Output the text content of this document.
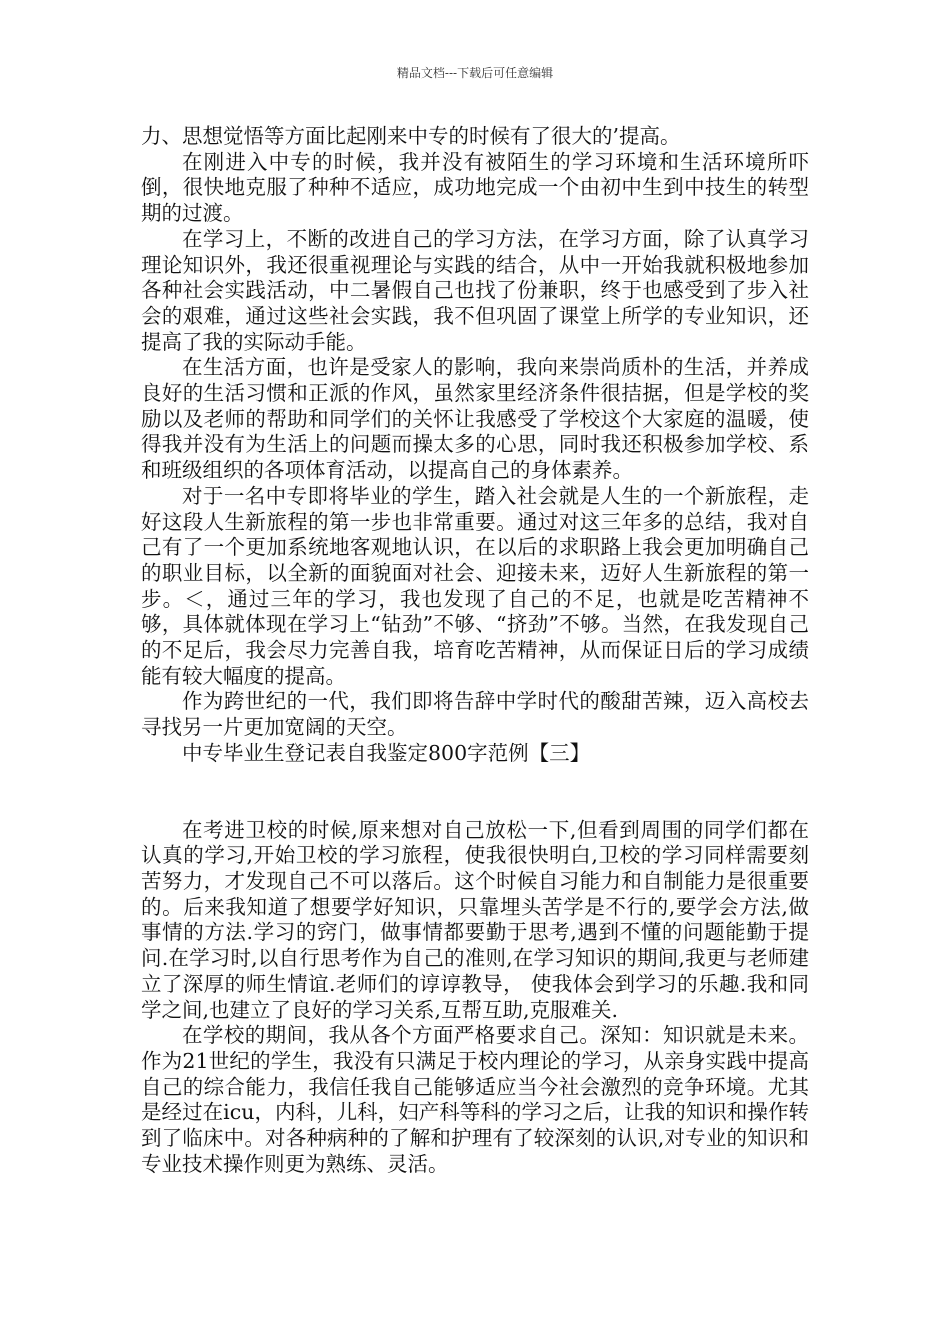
精品文档---下载后可任意编辑

力、思想觉悟等方面比起刚来中专的时候有了很大的’提高。

在刚进入中专的时候，我并没有被陌生的学习环境和生活环境所吓倒，很快地克服了种种不适应，成功地完成一个由初中生到中技生的转型期的过渡。

在学习上，不断的改进自己的学习方法，在学习方面，除了认真学习理论知识外，我还很重视理论与实践的结合，从中一开始我就积极地参加各种社会实践活动，中二暑假自己也找了份兼职，终于也感受到了步入社会的艰难，通过这些社会实践，我不但巩固了课堂上所学的专业知识，还提高了我的实际动手能。

在生活方面，也许是受家人的影响，我向来崇尚质朴的生活，并养成良好的生活习惯和正派的作风，虽然家里经济条件很拮据，但是学校的奖励以及老师的帮助和同学们的关怀让我感受了学校这个大家庭的温暖，使得我并没有为生活上的问题而操太多的心思，同时我还积极参加学校、系和班级组织的各项体育活动，以提高自己的身体素养。

对于一名中专即将毕业的学生，踏入社会就是人生的一个新旅程，走好这段人生新旅程的第一步也非常重要。通过对这三年多的总结，我对自己有了一个更加系统地客观地认识，在以后的求职路上我会更加明确自己的职业目标，以全新的面貌面对社会、迎接未来，迈好人生新旅程的第一步。＜，通过三年的学习，我也发现了自己的不足，也就是吃苦精神不够，具体就体现在学习上“钻劲”不够、“挤劲”不够。当然，在我发现自己的不足后，我会尽力完善自我，培育吃苦精神，从而保证日后的学习成绩能有较大幅度的提高。

作为跨世纪的一代，我们即将告辞中学时代的酸甜苦辣，迈入高校去寻找另一片更加宽阔的天空。

中专毕业生登记表自我鉴定800字范例【三】

在考进卫校的时候,原来想对自己放松一下,但看到周围的同学们都在认真的学习,开始卫校的学习旅程，使我很快明白,卫校的学习同样需要刻苦努力，才发现自己不可以落后。这个时候自习能力和自制能力是很重要的。后来我知道了想要学好知识，只靠埋头苦学是不行的,要学会方法,做事情的方法.学习的窍门，做事情都要勤于思考,遇到不懂的问题能勤于提问.在学习时,以自行思考作为自己的准则,在学习知识的期间,我更与老师建立了深厚的师生情谊.老师们的谆谆教导， 使我体会到学习的乐趣.我和同学之间,也建立了良好的学习关系,互帮互助,克服难关.

在学校的期间，我从各个方面严格要求自己。深知：知识就是未来。作为21世纪的学生，我没有只满足于校内理论的学习，从亲身实践中提高自己的综合能力，我信任我自己能够适应当今社会激烈的竞争环境。尤其是经过在icu，内科，儿科，妇产科等科的学习之后，让我的知识和操作转到了临床中。对各种病种的了解和护理有了较深刻的认识,对专业的知识和专业技术操作则更为熟练、灵活。
